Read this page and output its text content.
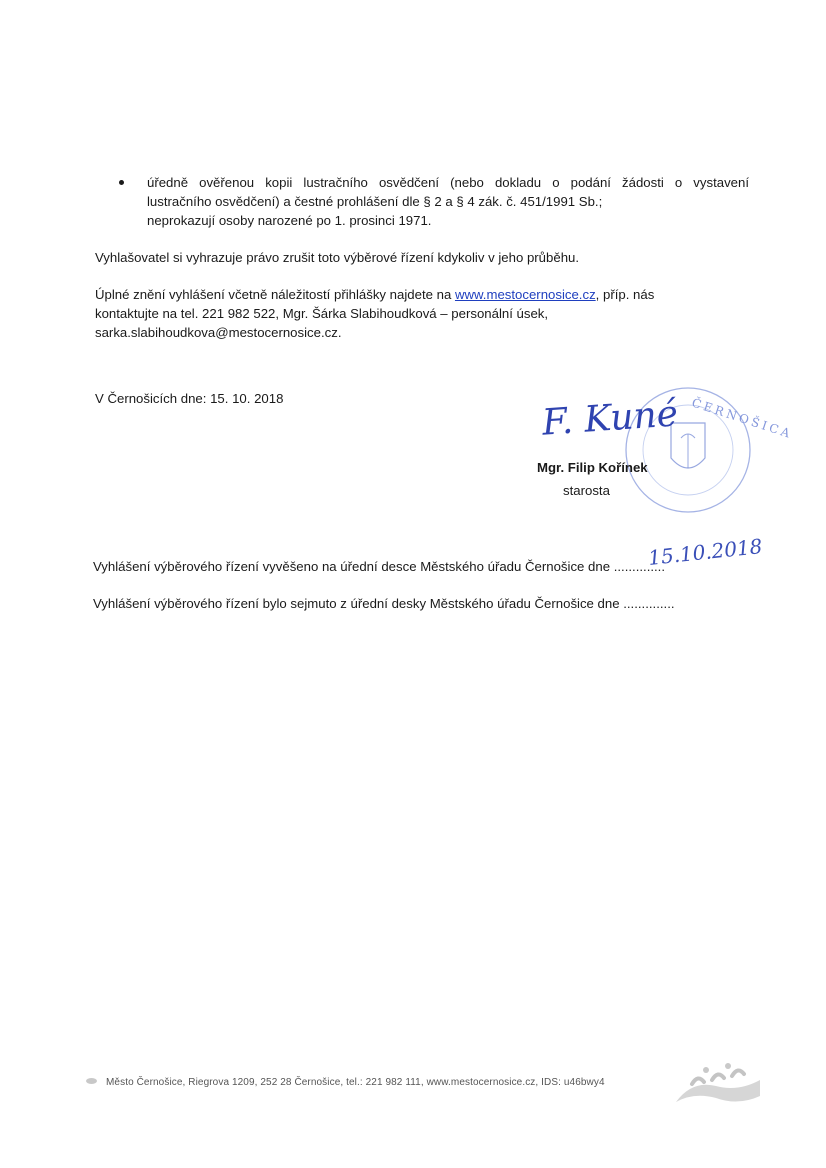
úředně ověřenou kopii lustračního osvědčení (nebo dokladu o podání žádosti o vystavení
lustračního osvědčení) a čestné prohlášení dle § 2 a § 4 zák. č. 451/1991 Sb.;
neprokazují osoby narozené po 1. prosinci 1971.
Vyhlašovatel si vyhrazuje právo zrušit toto výběrové řízení kdykoliv v jeho průběhu.
Úplné znění vyhlášení včetně náležitostí přihlášky najdete na www.mestocernosice.cz, příp. nás
kontaktujte na tel. 221 982 522, Mgr. Šárka Slabihoudková – personální úsek,
sarka.slabihoudkova@mestocernosice.cz.
V Černošicích dne: 15. 10. 2018	ČERNOŠICA
F. Kuné
Mgr. Filip Kořínek
starosta
Vyhlášení výběrového řízení vyvěšeno na úřední desce Městského úřadu Černošice dne ..............
15.10.2018
Vyhlášení výběrového řízení bylo sejmuto z úřední desky Městského úřadu Černošice dne ..............
Město Černošice, Riegrova 1209, 252 28 Černošice, tel.: 221 982 111, www.mestocernosice.cz, IDS: u46bwy4
